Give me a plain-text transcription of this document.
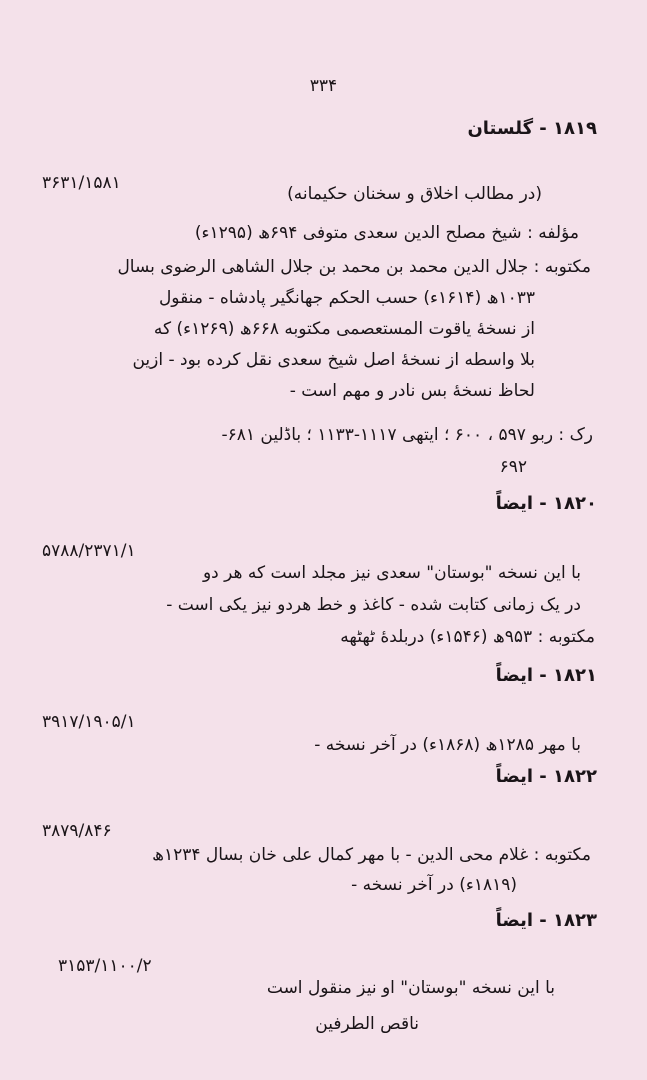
۳۳۴
۱۸۱۹ - گلستان
۳۶۳۱/۱۵۸۱
(در مطالب اخلاق و سخنان حکیمانه)
مؤلفه : شیخ مصلح الدین سعدی متوفی ۶۹۴ھ (۱۲۹۵ء)
مکتوبه : جلال الدین محمد بن محمد بن جلال الشاهی الرضوی بسال
۱۰۳۳ھ (۱۶۱۴ء) حسب الحکم جهانگیر پادشاه - منقول
از نسخهٔ یاقوت المستعصمی مکتوبه ۶۶۸ھ (۱۲۶۹ء) که
بلا واسطه از نسخهٔ اصل شیخ سعدی نقل کرده بود - ازین
لحاظ نسخهٔ بس نادر و مهم است -
رک : ربو ۵۹۷ ، ۶۰۰ ؛ ایتھی ۱۱۱۷-۱۱۳۳ ؛ باڈلین ۶۸۱-
۶۹۲
۱۸۲۰ - ایضاً
۵۷۸۸/۲۳۷۱/۱
با این نسخه "بوستان" سعدی نیز مجلد است که هر دو
در یک زمانی کتابت شده - کاغذ و خط هردو نیز یکی است -
مکتوبه : ۹۵۳ھ (۱۵۴۶ء) دربلدهٔ ٹھٹھه
۱۸۲۱ - ایضاً
۳۹۱۷/۱۹۰۵/۱
با مهر ۱۲۸۵ھ (۱۸۶۸ء) در آخر نسخه -
۱۸۲۲ - ایضاً
۳۸۷۹/۸۴۶
مکتوبه : غلام محی الدین - با مهر کمال علی خان بسال ۱۲۳۴ھ
(۱۸۱۹ء) در آخر نسخه -
۱۸۲۳ - ایضاً
۳۱۵۳/۱۱۰۰/۲
با این نسخه "بوستان" او نیز منقول است
ناقص الطرفین
